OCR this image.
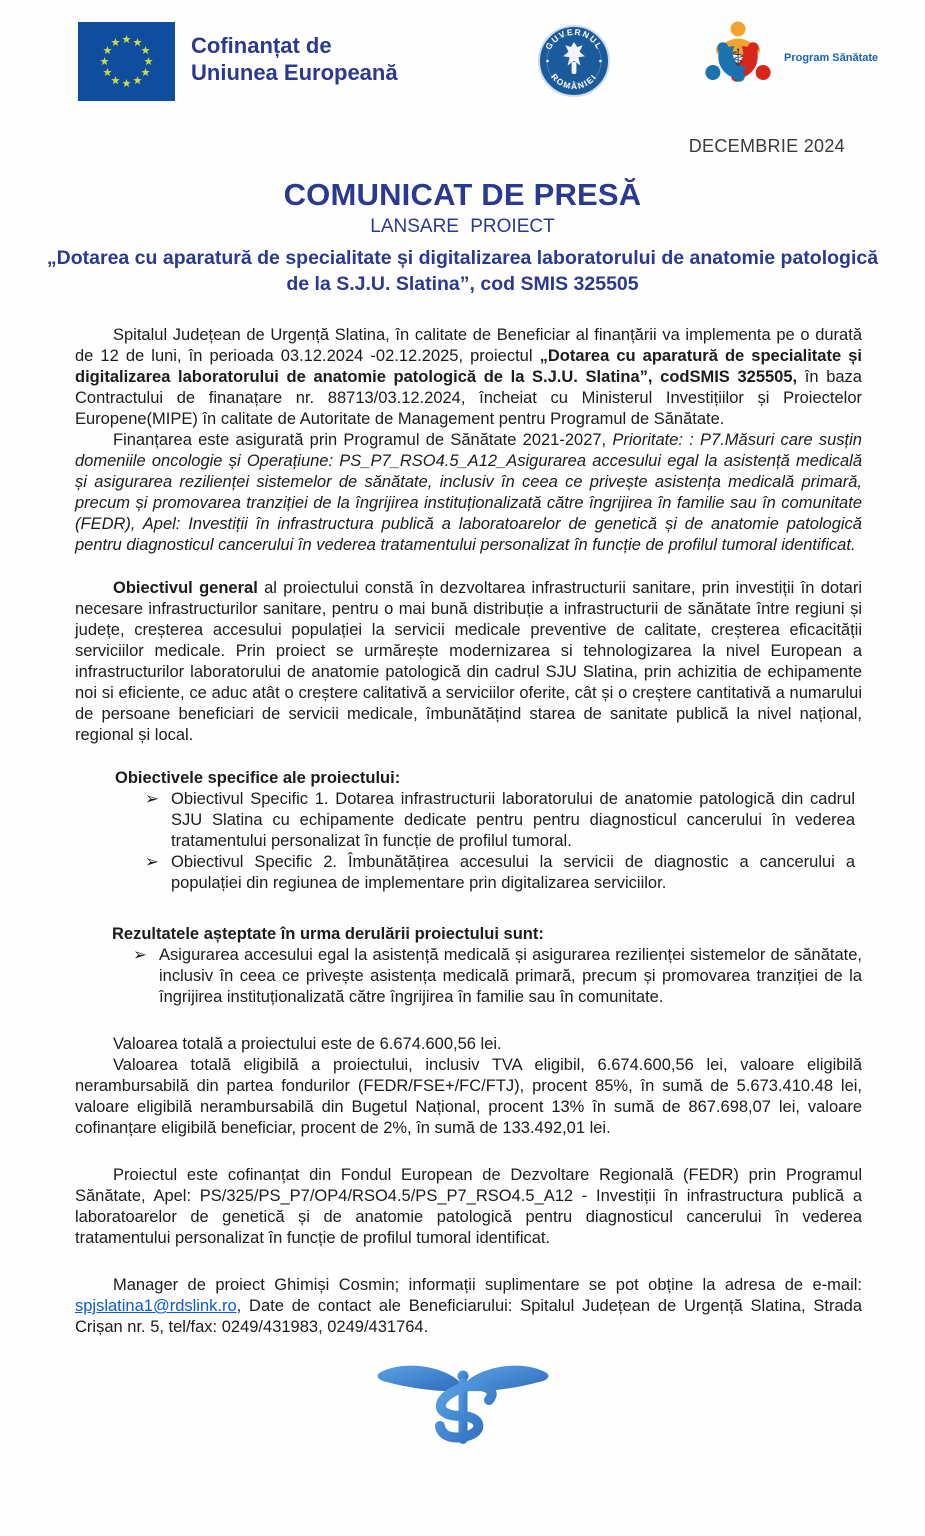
Cofinanțat de
Uniunea Europeană
GUVERNUL
ROMÂNIEI
⚕	Program Sănătate
DECEMBRIE 2024
COMUNICAT DE PRESĂ
LANSARE PROIECT
„Dotarea cu aparatură de specialitate și digitalizarea laboratorului de anatomie patologică
de la S.J.U. Slatina”, cod SMIS 325505

Spitalul Județean de Urgență Slatina, în calitate de Beneficiar al finanțării va implementa pe o durată de 12 de luni, în perioada 03.12.2024 -02.12.2025, proiectul „Dotarea cu aparatură de specialitate și digitalizarea laboratorului de anatomie patologică de la S.J.U. Slatina”, codSMIS 325505, în baza Contractului de finanațare nr. 88713/03.12.2024, încheiat cu Ministerul Investițiilor și Proiectelor Europene(MIPE) în calitate de Autoritate de Management pentru Programul de Sănătate.

Finanțarea este asigurată prin Programul de Sănătate 2021-2027, Prioritate: : P7.Măsuri care susțin domeniile oncologie și Operațiune: PS_P7_RSO4.5_A12_Asigurarea accesului egal la asistență medicală și asigurarea rezilienței sistemelor de sănătate, inclusiv în ceea ce privește asistența medicală primară, precum și promovarea tranziției de la îngrijirea instituționalizată către îngrijirea în familie sau în comunitate (FEDR), Apel: Investiții în infrastructura publică a laboratoarelor de genetică și de anatomie patologică pentru diagnosticul cancerului în vederea tratamentului personalizat în funcție de profilul tumoral identificat.

Obiectivul general al proiectului constă în dezvoltarea infrastructurii sanitare, prin investiții în dotari necesare infrastructurilor sanitare, pentru o mai bună distribuție a infrastructurii de sănătate între regiuni și județe, creșterea accesului populației la servicii medicale preventive de calitate, creșterea eficacității serviciilor medicale. Prin proiect se urmărește modernizarea si tehnologizarea la nivel European a infrastructurilor laboratorului de anatomie patologică din cadrul SJU Slatina, prin achizitia de echipamente noi si eficiente, ce aduc atât o creștere calitativă a serviciilor oferite, cât și o creștere cantitativă a numarului de persoane beneficiari de servicii medicale, îmbunătățind starea de sanitate publică la nivel național, regional și local.

Obiectivele specifice ale proiectului:
➢ Obiectivul Specific 1. Dotarea infrastructurii laboratorului de anatomie patologică din cadrul SJU Slatina cu echipamente dedicate pentru pentru diagnosticul cancerului în vederea tratamentului personalizat în funcție de profilul tumoral.
➢ Obiectivul Specific 2. Îmbunătățirea accesului la servicii de diagnostic a cancerului a populației din regiunea de implementare prin digitalizarea serviciilor.
Rezultatele așteptate în urma derulării proiectului sunt:
➢ Asigurarea accesului egal la asistență medicală și asigurarea rezilienței sistemelor de sănătate, inclusiv în ceea ce privește asistența medicală primară, precum și promovarea tranziției de la îngrijirea instituționalizată către îngrijirea în familie sau în comunitate.

Valoarea totală a proiectului este de 6.674.600,56 lei.

Valoarea totală eligibilă a proiectului, inclusiv TVA eligibil, 6.674.600,56 lei, valoare eligibilă nerambursabilă din partea fondurilor (FEDR/FSE+/FC/FTJ), procent 85%, în sumă de 5.673.410.48 lei, valoare eligibilă nerambursabilă din Bugetul Național, procent 13% în sumă de 867.698,07 lei, valoare cofinanțare eligibilă beneficiar, procent de 2%, în sumă de 133.492,01 lei.

Proiectul este cofinanțat din Fondul European de Dezvoltare Regională (FEDR) prin Programul Sănătate, Apel: PS/325/PS_P7/OP4/RSO4.5/PS_P7_RSO4.5_A12 - Investiții în infrastructura publică a laboratoarelor de genetică și de anatomie patologică pentru diagnosticul cancerului în vederea tratamentului personalizat în funcție de profilul tumoral identificat.

Manager de proiect Ghimiși Cosmin; informații suplimentare se pot obține la adresa de e-mail: spjslatina1@rdslink.ro, Date de contact ale Beneficiarului: Spitalul Județean de Urgență Slatina, Strada Crișan nr. 5, tel/fax: 0249/431983, 0249/431764.
